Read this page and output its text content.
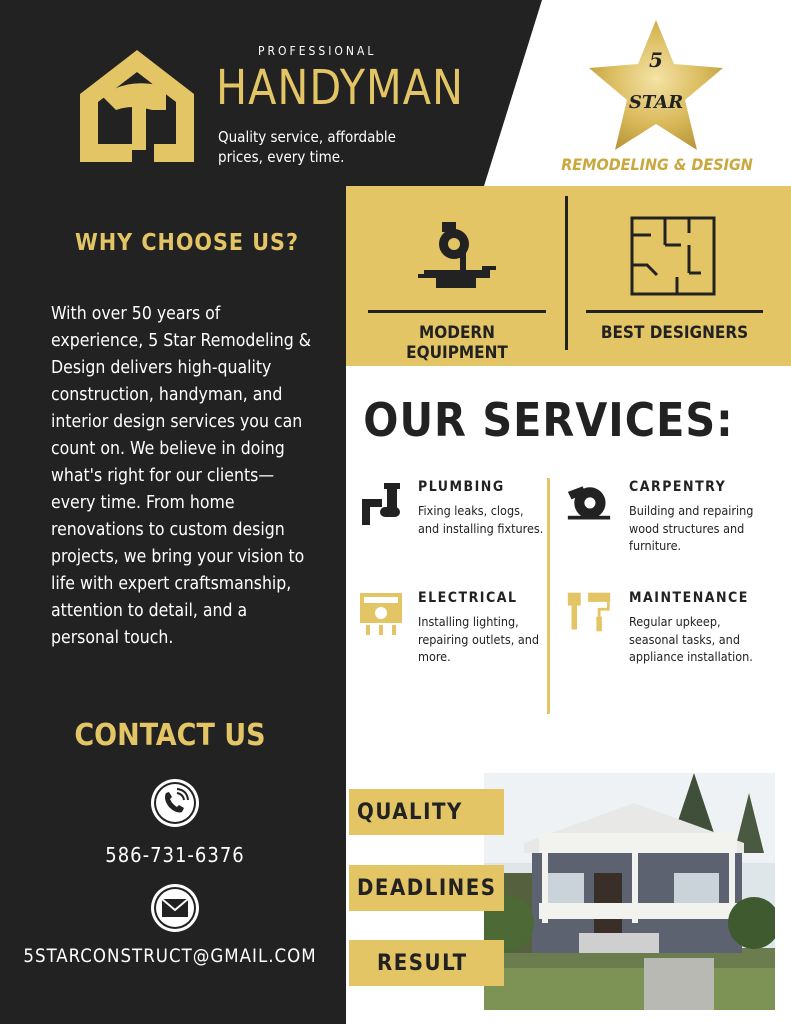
PROFESSIONAL
HANDYMAN
Quality service, affordable prices, every time.
5
STAR
REMODELING & DESIGN
WHY CHOOSE US?
With over 50 years of experience, 5 Star Remodeling & Design delivers high-quality construction, handyman, and interior design services you can count on. We believe in doing what's right for our clients—every time. From home renovations to custom design projects, we bring your vision to life with expert craftsmanship, attention to detail, and a personal touch.
MODERN EQUIPMENT
BEST DESIGNERS
OUR SERVICES:
PLUMBING
Fixing leaks, clogs, and installing fixtures.
CARPENTRY
Building and repairing wood structures and furniture.
ELECTRICAL
Installing lighting, repairing outlets, and more.
MAINTENANCE
Regular upkeep, seasonal tasks, and appliance installation.
CONTACT US
586-731-6376
5STARCONSTRUCT@GMAIL.COM
QUALITY
DEADLINES
RESULT
